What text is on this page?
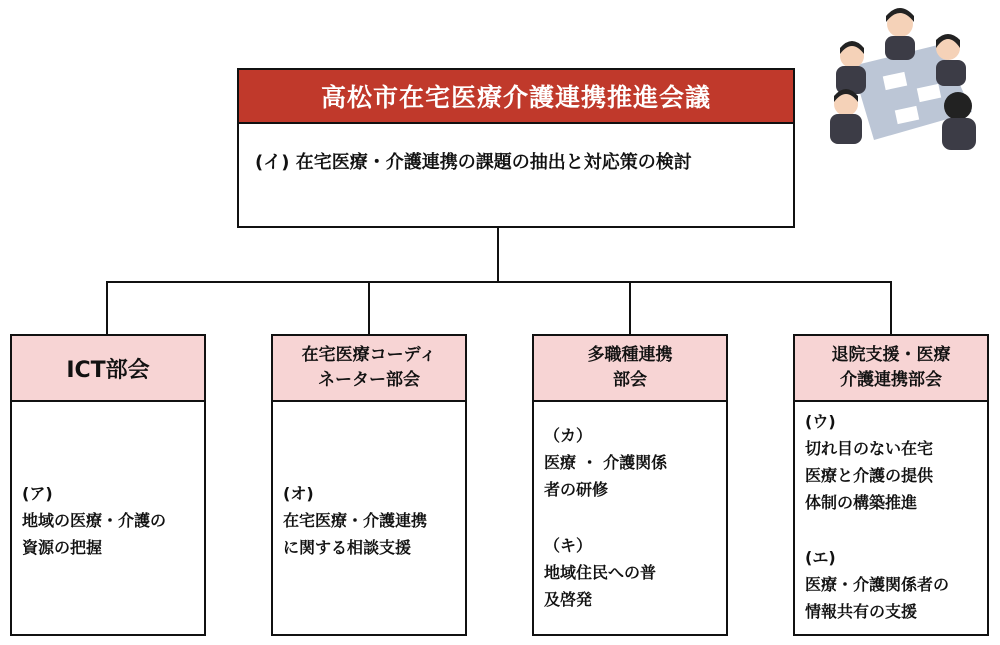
高松市在宅医療介護連携推進会議
(イ) 在宅医療・介護連携の課題の抽出と対応策の検討
ICT部会
(ア)
地域の医療・介護の
資源の把握
在宅医療コーディ
ネーター部会
(オ)
在宅医療・介護連携
に関する相談支援
多職種連携
部会
（カ）
医療 ・ 介護関係
者の研修
（キ）
地域住民への普
及啓発
退院支援・医療
介護連携部会
(ウ)
切れ目のない在宅
医療と介護の提供
体制の構築推進
(エ)
医療・介護関係者の
情報共有の支援
